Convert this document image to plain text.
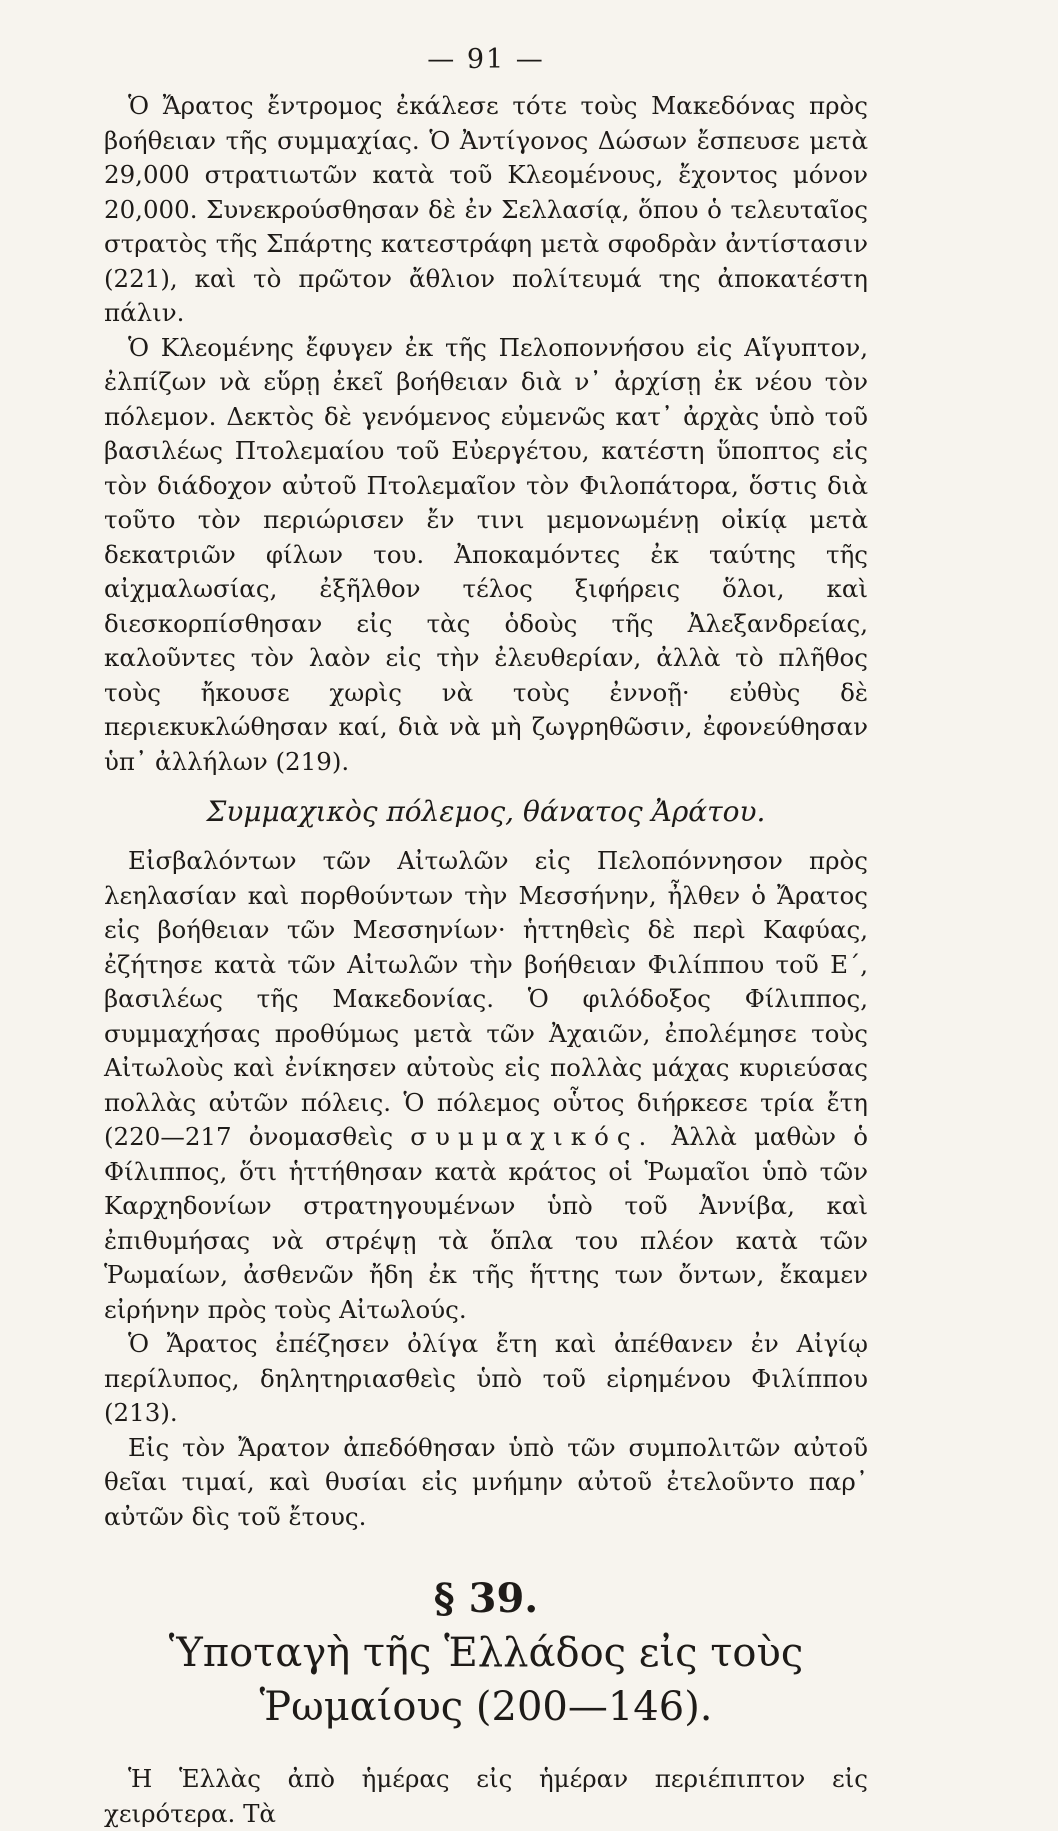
— 91 —

Ὁ Ἄρατος ἔντρομος ἐκάλεσε τότε τοὺς Μακεδόνας πρὸς βοήθειαν τῆς συμμαχίας. Ὁ Ἀντίγονος Δώσων ἔσπευσε μετὰ 29,000 στρατιωτῶν κατὰ τοῦ Κλεομένους, ἔχοντος μόνον 20,000. Συνεκρούσθησαν δὲ ἐν Σελλασίᾳ, ὅπου ὁ τελευταῖος στρατὸς τῆς Σπάρτης κατεστράφη μετὰ σφοδρὰν ἀντίστασιν (221), καὶ τὸ πρῶτον ἄθλιον πολίτευμά της ἀποκατέστη πάλιν.

Ὁ Κλεομένης ἔφυγεν ἐκ τῆς Πελοποννήσου εἰς Αἴγυπτον, ἐλπίζων νὰ εὕρῃ ἐκεῖ βοήθειαν διὰ ν᾿ ἀρχίσῃ ἐκ νέου τὸν πόλεμον. Δεκτὸς δὲ γενόμενος εὐμενῶς κατ᾿ ἀρχὰς ὑπὸ τοῦ βασιλέως Πτολεμαίου τοῦ Εὐεργέτου, κατέστη ὕποπτος εἰς τὸν διάδοχον αὐτοῦ Πτολεμαῖον τὸν Φιλοπάτορα, ὅστις διὰ τοῦτο τὸν περιώρισεν ἔν τινι μεμονωμένῃ οἰκίᾳ μετὰ δεκατριῶν φίλων του. Ἀποκαμόντες ἐκ ταύτης τῆς αἰχμαλωσίας, ἐξῆλθον τέλος ξιφήρεις ὅλοι, καὶ διεσκορπίσθησαν εἰς τὰς ὁδοὺς τῆς Ἀλεξανδρείας, καλοῦντες τὸν λαὸν εἰς τὴν ἐλευθερίαν, ἀλλὰ τὸ πλῆθος τοὺς ἤκουσε χωρὶς νὰ τοὺς ἐννοῇ· εὐθὺς δὲ περιεκυκλώθησαν καί, διὰ νὰ μὴ ζωγρηθῶσιν, ἐφονεύθησαν ὑπ᾿ ἀλλήλων (219).

Συμμαχικὸς πόλεμος, θάνατος Ἀράτου.

Εἰσβαλόντων τῶν Αἰτωλῶν εἰς Πελοπόννησον πρὸς λεηλασίαν καὶ πορθούντων τὴν Μεσσήνην, ἦλθεν ὁ Ἄρατος εἰς βοήθειαν τῶν Μεσσηνίων· ἡττηθεὶς δὲ περὶ Καφύας, ἐζήτησε κατὰ τῶν Αἰτωλῶν τὴν βοήθειαν Φιλίππου τοῦ Ε΄, βασιλέως τῆς Μακεδονίας. Ὁ φιλόδοξος Φίλιππος, συμμαχήσας προθύμως μετὰ τῶν Ἀχαιῶν, ἐπολέμησε τοὺς Αἰτωλοὺς καὶ ἐνίκησεν αὐτοὺς εἰς πολλὰς μάχας κυριεύσας πολλὰς αὐτῶν πόλεις. Ὁ πόλεμος οὗτος διήρκεσε τρία ἔτη (220—217 ὀνομασθεὶς συμμαχικός. Ἀλλὰ μαθὼν ὁ Φίλιππος, ὅτι ἡττήθησαν κατὰ κράτος οἱ Ῥωμαῖοι ὑπὸ τῶν Καρχηδονίων στρατηγουμένων ὑπὸ τοῦ Ἀννίβα, καὶ ἐπιθυμήσας νὰ στρέψῃ τὰ ὅπλα του πλέον κατὰ τῶν Ῥωμαίων, ἀσθενῶν ἤδη ἐκ τῆς ἥττης των ὄντων, ἔκαμεν εἰρήνην πρὸς τοὺς Αἰτωλούς.

Ὁ Ἄρατος ἐπέζησεν ὀλίγα ἔτη καὶ ἀπέθανεν ἐν Αἰγίῳ περίλυπος, δηλητηριασθεὶς ὑπὸ τοῦ εἰρημένου Φιλίππου (213).

Εἰς τὸν Ἄρατον ἀπεδόθησαν ὑπὸ τῶν συμπολιτῶν αὐτοῦ θεῖαι τιμαί, καὶ θυσίαι εἰς μνήμην αὐτοῦ ἐτελοῦντο παρ᾿ αὐτῶν δὶς τοῦ ἔτους.

§ 39.
Ὑποταγὴ τῆς Ἑλλάδος εἰς τοὺς
Ῥωμαίους (200—146).

Ἡ Ἑλλὰς ἀπὸ ἡμέρας εἰς ἡμέραν περιέπιπτον εἰς χειρότερα. Τὰ
